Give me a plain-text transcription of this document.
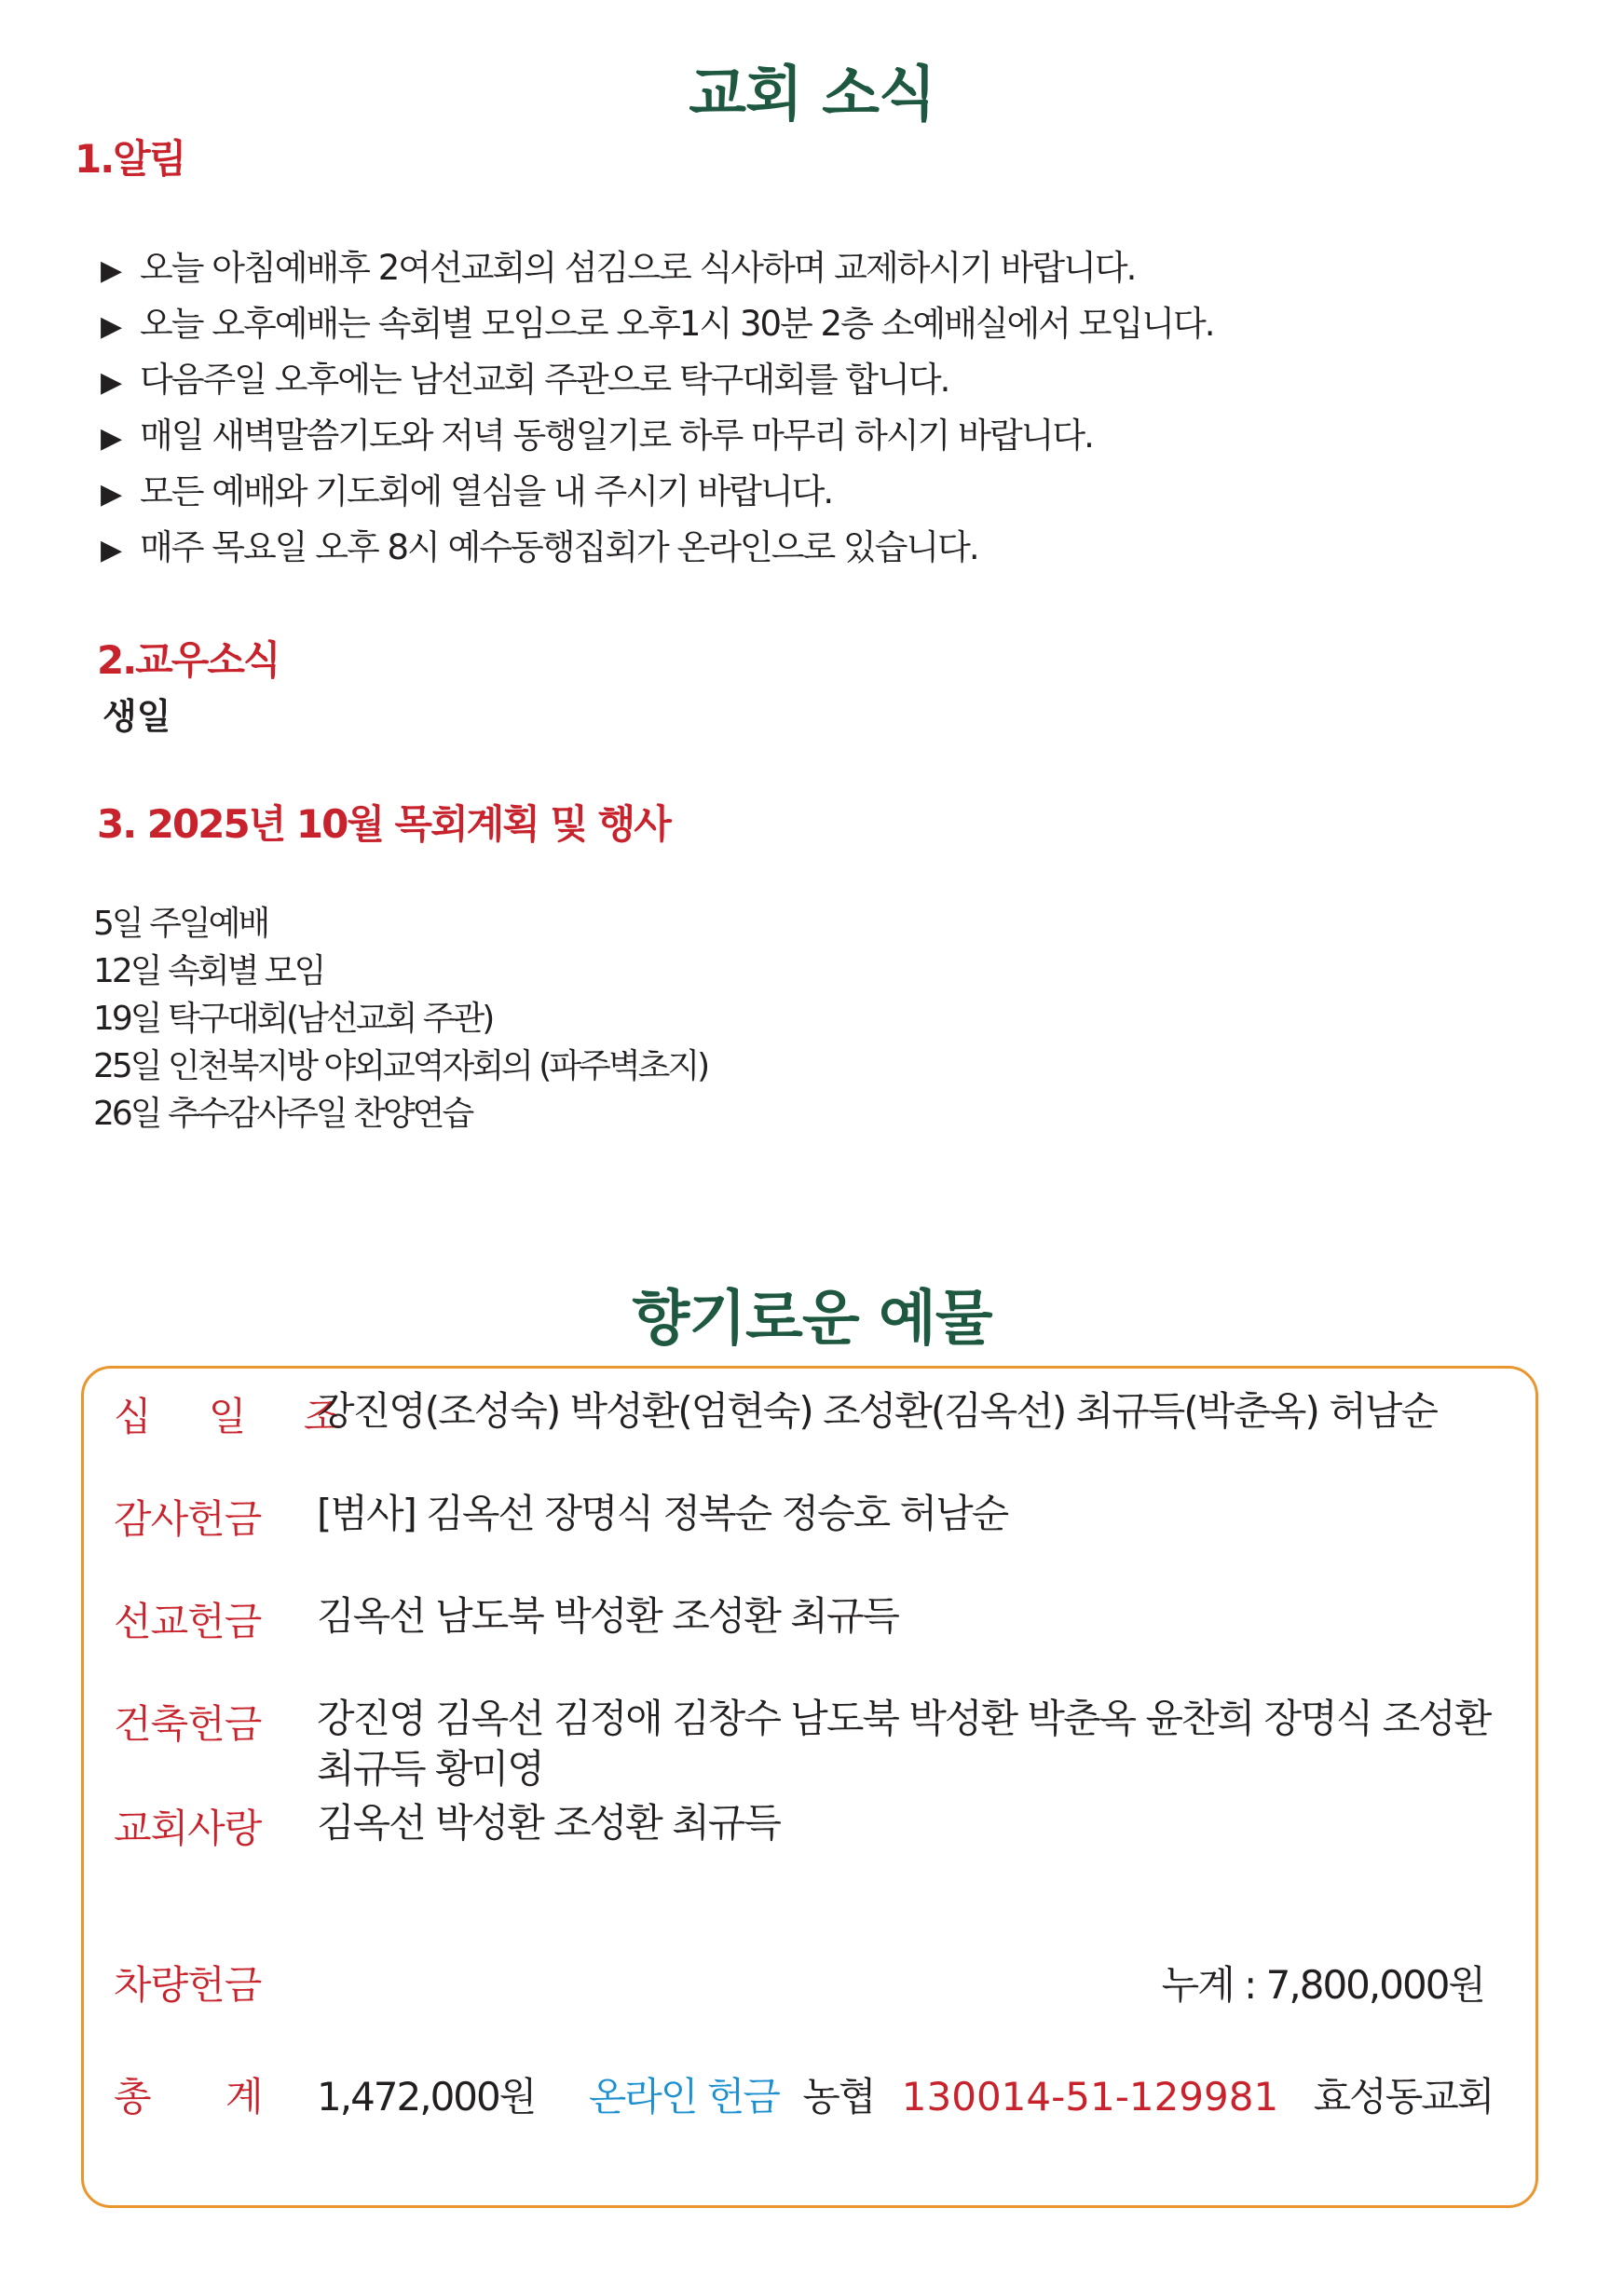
교회 소식
1.알림
▶ 오늘 아침예배후 2여선교회의 섬김으로 식사하며 교제하시기 바랍니다.
▶ 오늘 오후예배는 속회별 모임으로 오후1시 30분 2층 소예배실에서 모입니다.
▶ 다음주일 오후에는 남선교회 주관으로 탁구대회를 합니다.
▶ 매일 새벽말씀기도와 저녁 동행일기로 하루 마무리 하시기 바랍니다.
▶ 모든 예배와 기도회에 열심을 내 주시기 바랍니다.
▶ 매주 목요일 오후 8시 예수동행집회가 온라인으로 있습니다.
2.교우소식

생일

3. 2025년 10월 목회계획 및 행사
5일 주일예배
12일 속회별 모임
19일 탁구대회(남선교회 주관)
25일 인천북지방 야외교역자회의 (파주벽초지)
26일 추수감사주일 찬양연습
향기로운 예물
십 일 조
강진영(조성숙) 박성환(엄현숙) 조성환(김옥선) 최규득(박춘옥) 허남순
감사헌금 [범사] 김옥선 장명식 정복순 정승호 허남순
선교헌금 김옥선 남도북 박성환 조성환 최규득
건축헌금 강진영 김옥선 김정애 김창수 남도북 박성환 박춘옥 윤찬희 장명식 조성환 최규득 황미영
교회사랑 김옥선 박성환 조성환 최규득
차량헌금	누계 : 7,800,000원
총 계 1,472,000원 온라인 헌금 농협 130014-51-129981 효성동교회
